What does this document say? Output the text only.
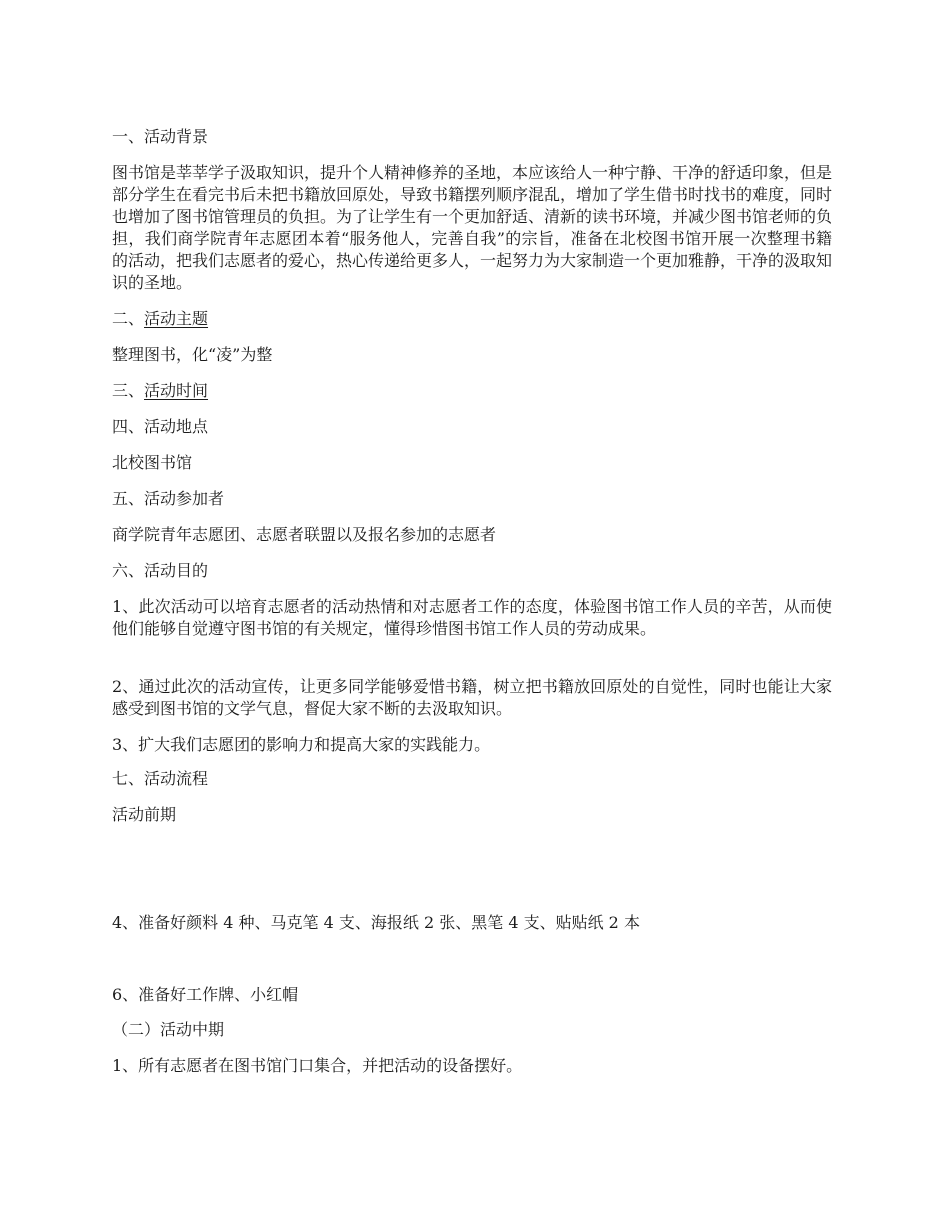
一、活动背景
图书馆是莘莘学子汲取知识，提升个人精神修养的圣地，本应该给人一种宁静、干净的舒适印象，但是部分学生在看完书后未把书籍放回原处，导致书籍摆列顺序混乱，增加了学生借书时找书的难度，同时也增加了图书馆管理员的负担。为了让学生有一个更加舒适、清新的读书环境，并减少图书馆老师的负担，我们商学院青年志愿团本着“服务他人，完善自我”的宗旨，准备在北校图书馆开展一次整理书籍的活动，把我们志愿者的爱心，热心传递给更多人，一起努力为大家制造一个更加雅静，干净的汲取知识的圣地。
二、活动主题
整理图书，化“凌”为整
三、活动时间
四、活动地点
北校图书馆
五、活动参加者
商学院青年志愿团、志愿者联盟以及报名参加的志愿者
六、活动目的
1、此次活动可以培育志愿者的活动热情和对志愿者工作的态度，体验图书馆工作人员的辛苦，从而使他们能够自觉遵守图书馆的有关规定，懂得珍惜图书馆工作人员的劳动成果。
2、通过此次的活动宣传，让更多同学能够爱惜书籍，树立把书籍放回原处的自觉性，同时也能让大家感受到图书馆的文学气息，督促大家不断的去汲取知识。
3、扩大我们志愿团的影响力和提高大家的实践能力。
七、活动流程
活动前期
4、准备好颜料 4 种、马克笔 4 支、海报纸 2 张、黑笔 4 支、贴贴纸 2 本
6、准备好工作牌、小红帽
（二）活动中期
1、所有志愿者在图书馆门口集合，并把活动的设备摆好。
